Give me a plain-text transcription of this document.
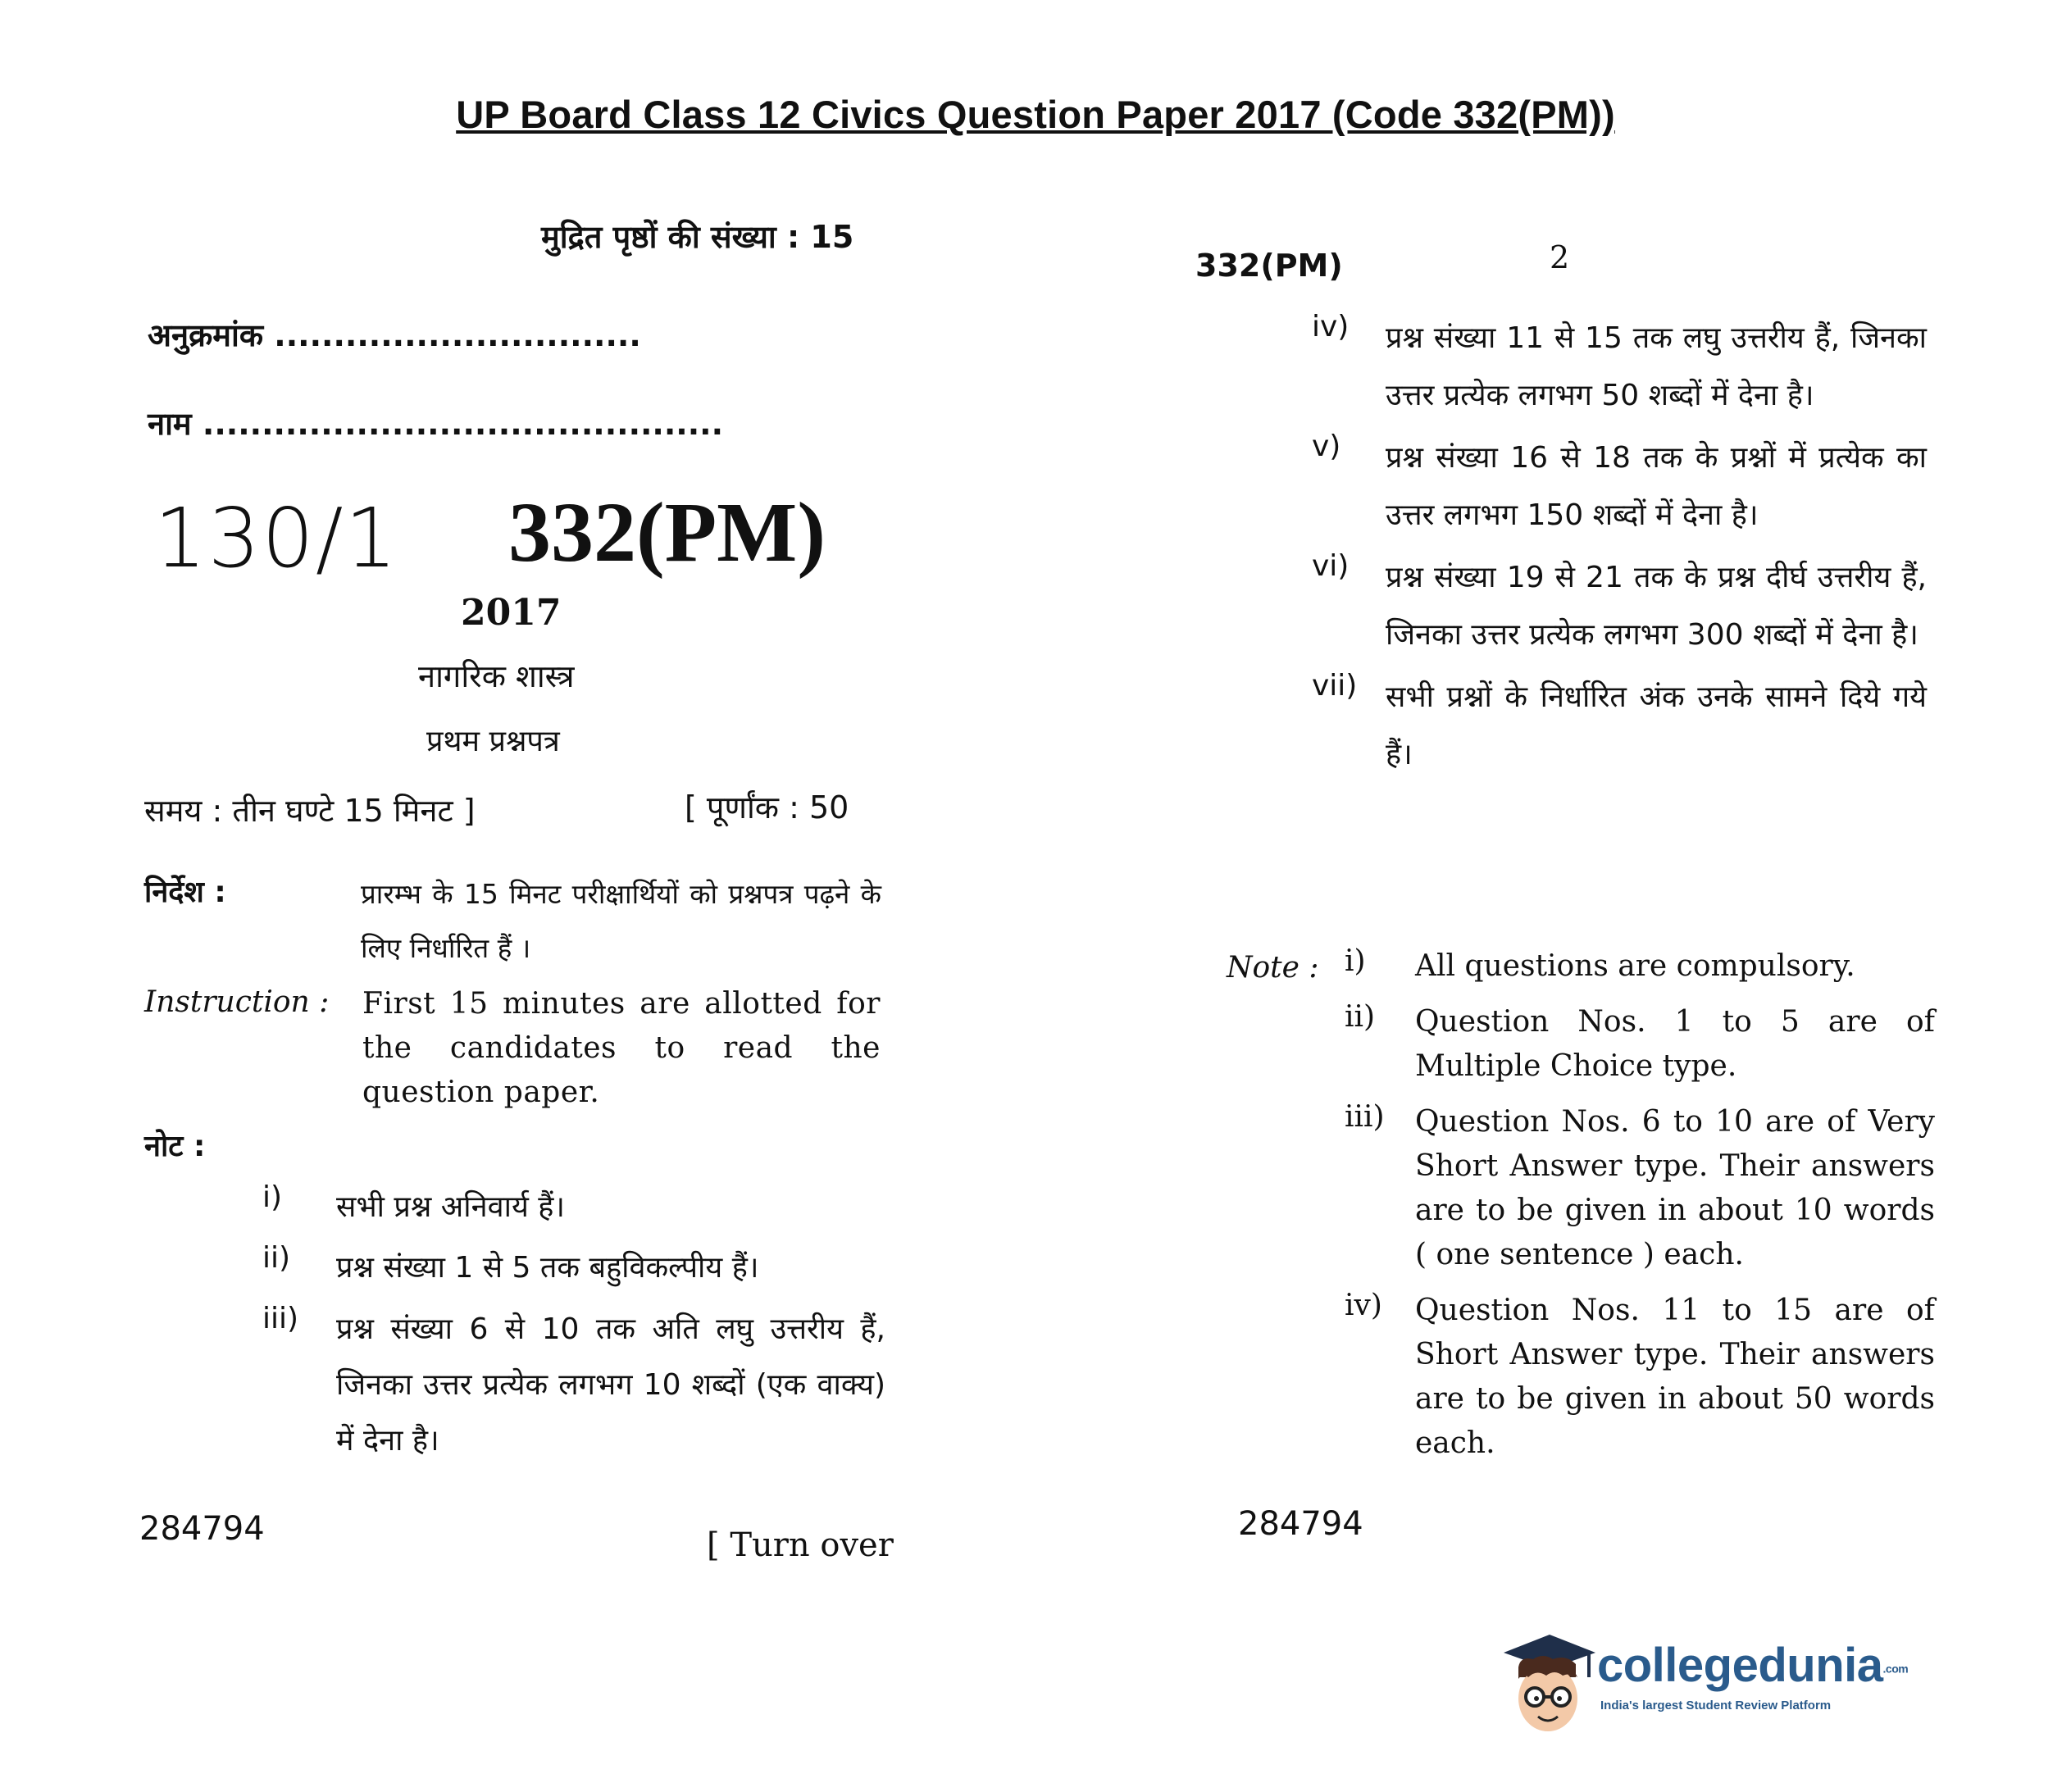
UP Board Class 12 Civics Question Paper 2017 (Code 332(PM))
मुद्रित पृष्ठों की संख्या : 15
अनुक्रमांक ...............................
नाम ............................................
130/1 332(PM)
2017
नागरिक शास्त्र
प्रथम प्रश्नपत्र
समय : तीन घण्टे 15 मिनट ]	[ पूर्णांक : 50
निर्देश :	प्रारम्भ के 15 मिनट परीक्षार्थियों को प्रश्नपत्र पढ़ने के लिए निर्धारित हैं ।
Instruction : First 15 minutes are allotted for the candidates to read the question paper.
नोट :
i)	सभी प्रश्न अनिवार्य हैं।
ii)	प्रश्न संख्या 1 से 5 तक बहुविकल्पीय हैं।
iii)	प्रश्न संख्या 6 से 10 तक अति लघु उत्तरीय हैं, जिनका उत्तर प्रत्येक लगभग 10 शब्दों (एक वाक्य) में देना है।
284794	[ Turn over
332(PM)	2
iv)	प्रश्न संख्या 11 से 15 तक लघु उत्तरीय हैं, जिनका उत्तर प्रत्येक लगभग 50 शब्दों में देना है।
v)	प्रश्न संख्या 16 से 18 तक के प्रश्नों में प्रत्येक का उत्तर लगभग 150 शब्दों में देना है।
vi)	प्रश्न संख्या 19 से 21 तक के प्रश्न दीर्घ उत्तरीय हैं, जिनका उत्तर प्रत्येक लगभग 300 शब्दों में देना है।
vii) सभी प्रश्नों के निर्धारित अंक उनके सामने दिये गये हैं।
Note : i)	All questions are compulsory.
ii)	Question Nos. 1 to 5 are of Multiple Choice type.
iii)	Question Nos. 6 to 10 are of Very Short Answer type. Their answers are to be given in about 10 words ( one sentence ) each.
iv)	Question Nos. 11 to 15 are of Short Answer type. Their answers are to be given in about 50 words each.
284794
collegedunia.com
India's largest Student Review Platform
